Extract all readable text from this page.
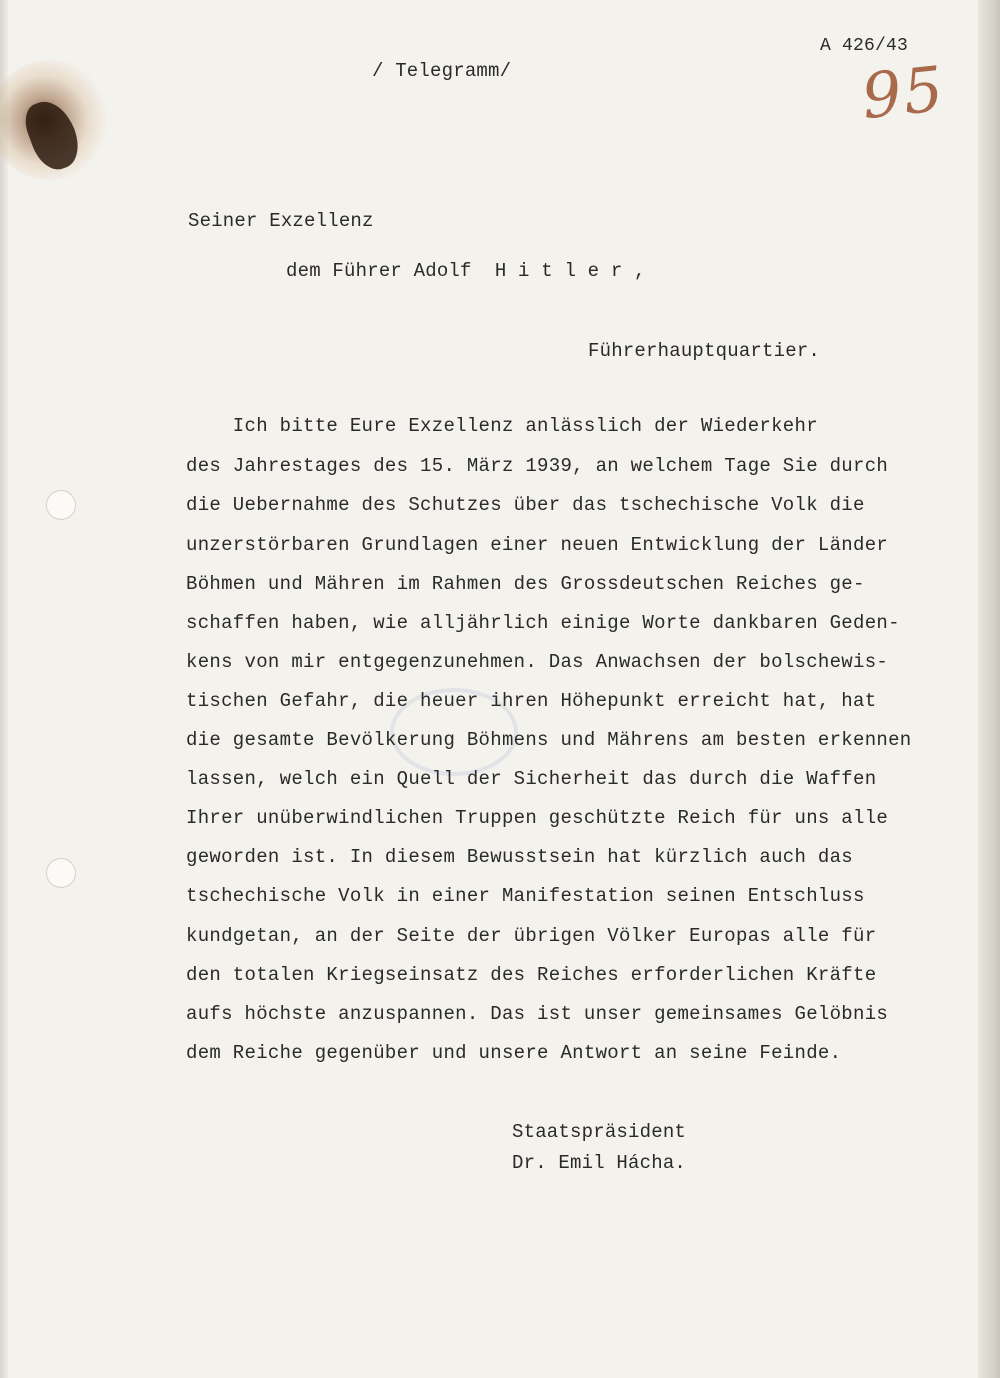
A 426/43
95
/ Telegramm/
Seiner Exzellenz
dem Führer Adolf  H i t l e r ,
Führerhauptquartier.
Ich bitte Eure Exzellenz anlässlich der Wiederkehr
des Jahrestages des 15. März 1939, an welchem Tage Sie durch
die Uebernahme des Schutzes über das tschechische Volk die
unzerstörbaren Grundlagen einer neuen Entwicklung der Länder
Böhmen und Mähren im Rahmen des Grossdeutschen Reiches ge-
schaffen haben, wie alljährlich einige Worte dankbaren Geden-
kens von mir entgegenzunehmen. Das Anwachsen der bolschewis-
tischen Gefahr, die heuer ihren Höhepunkt erreicht hat, hat
die gesamte Bevölkerung Böhmens und Mährens am besten erkennen
lassen, welch ein Quell der Sicherheit das durch die Waffen
Ihrer unüberwindlichen Truppen geschützte Reich für uns alle
geworden ist. In diesem Bewusstsein hat kürzlich auch das
tschechische Volk in einer Manifestation seinen Entschluss
kundgetan, an der Seite der übrigen Völker Europas alle für
den totalen Kriegseinsatz des Reiches erforderlichen Kräfte
aufs höchste anzuspannen. Das ist unser gemeinsames Gelöbnis
dem Reiche gegenüber und unsere Antwort an seine Feinde.
Staatspräsident
Dr. Emil Hácha.
